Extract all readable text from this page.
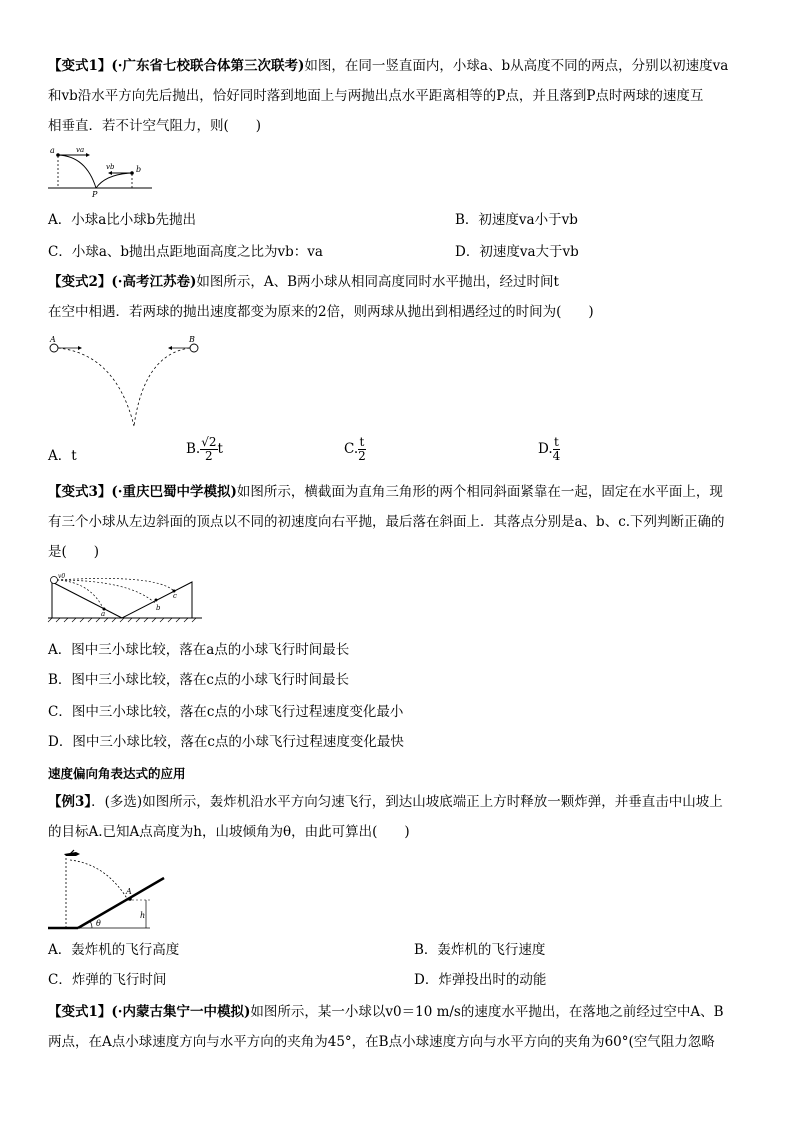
【变式1】(·广东省七校联合体第三次联考)如图，在同一竖直面内，小球a、b从高度不同的两点，分别以初速度va
和vb沿水平方向先后抛出，恰好同时落到地面上与两抛出点水平距离相等的P点，并且落到P点时两球的速度互
相垂直．若不计空气阻力，则(　　)
a	va
vb	b
P
A．小球a比小球b先抛出	B．初速度va小于vb
C．小球a、b抛出点距地面高度之比为vb：va	D．初速度va大于vb
【变式2】(·高考江苏卷)如图所示，A、B两小球从相同高度同时水平抛出，经过时间t
在空中相遇．若两球的抛出速度都变为原来的2倍，则两球从抛出到相遇经过的时间为(　　)
A	B
A．t	B. $\frac{√2}{2}$ t	C. $\frac{t}{2}$	D. $\frac{t}{4}$
【变式3】(·重庆巴蜀中学模拟)如图所示，横截面为直角三角形的两个相同斜面紧靠在一起，固定在水平面上，现
有三个小球从左边斜面的顶点以不同的初速度向右平抛，最后落在斜面上．其落点分别是a、b、c.下列判断正确的
是(　　)
v0
a
b
c
A．图中三小球比较，落在a点的小球飞行时间最长
B．图中三小球比较，落在c点的小球飞行时间最长
C．图中三小球比较，落在c点的小球飞行过程速度变化最小
D．图中三小球比较，落在c点的小球飞行过程速度变化最快
速度偏向角表达式的应用
【例3】．(多选)如图所示，轰炸机沿水平方向匀速飞行，到达山坡底端正上方时释放一颗炸弹，并垂直击中山坡上
的目标A.已知A点高度为h，山坡倾角为θ，由此可算出(　　)
A
h
θ
A．轰炸机的飞行高度	B．轰炸机的飞行速度
C．炸弹的飞行时间	D．炸弹投出时的动能
【变式1】(·内蒙古集宁一中模拟)如图所示，某一小球以v0＝10 m/s的速度水平抛出，在落地之前经过空中A、B
两点，在A点小球速度方向与水平方向的夹角为45°，在B点小球速度方向与水平方向的夹角为60°(空气阻力忽略
